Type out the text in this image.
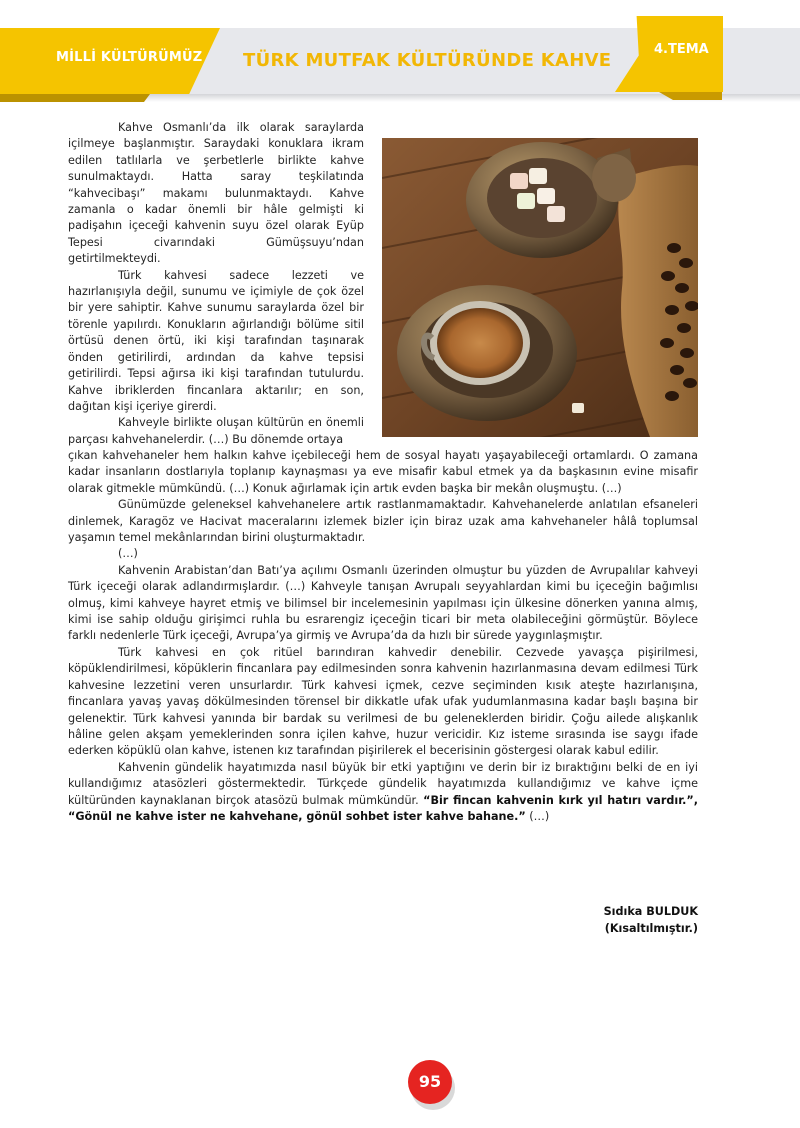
MİLLİ KÜLTÜRÜMÜZ TÜRK MUTFAK KÜLTÜRÜNDE KAHVE
4.TEMA

Kahve Osmanlı’da ilk olarak saraylarda içilmeye başlanmıştır. Saraydaki konuklara ikram edilen tatlılarla ve şerbetlerle birlikte kahve sunulmaktaydı. Hatta saray teşkilatında “kahvecibaşı” makamı bulunmaktaydı. Kahve zamanla o kadar önemli bir hâle gelmişti ki padişahın içeceği kahvenin suyu özel olarak Eyüp Tepesi civarındaki Gümüşsuyu’ndan getirtilmekteydi.

Türk kahvesi sadece lezzeti ve hazırlanışıyla değil, sunumu ve içimiyle de çok özel bir yere sahiptir. Kahve sunumu saraylarda özel bir törenle yapılırdı. Konukların ağırlandığı bölüme sitil örtüsü denen örtü, iki kişi tarafından taşınarak önden getirilirdi, ardından da kahve tepsisi getirilirdi. Tepsi ağırsa iki kişi tarafından tutulurdu. Kahve ibriklerden fincanlara aktarılır; en son, dağıtan kişi içeriye girerdi.

Kahveyle birlikte oluşan kültürün en önemli parçası kahvehanelerdir. (…) Bu dönemde ortaya

çıkan kahvehaneler hem halkın kahve içebileceği hem de sosyal hayatı yaşayabileceği ortamlardı. O zamana kadar insanların dostlarıyla toplanıp kaynaşması ya eve misafir kabul etmek ya da başkasının evine misafir olarak gitmekle mümkündü. (…) Konuk ağırlamak için artık evden başka bir mekân oluşmuştu. (…)

Günümüzde geleneksel kahvehanelere artık rastlanmamaktadır. Kahvehanelerde anlatılan efsaneleri dinlemek, Karagöz ve Hacivat maceralarını izlemek bizler için biraz uzak ama kahvehaneler hâlâ toplumsal yaşamın temel mekânlarından birini oluşturmaktadır.

(…)

Kahvenin Arabistan’dan Batı’ya açılımı Osmanlı üzerinden olmuştur bu yüzden de Avrupalılar kahveyi Türk içeceği olarak adlandırmışlardır. (…) Kahveyle tanışan Avrupalı seyyahlardan kimi bu içeceğin bağımlısı olmuş, kimi kahveye hayret etmiş ve bilimsel bir incelemesinin yapılması için ülkesine dönerken yanına almış, kimi ise sahip olduğu girişimci ruhla bu esrarengiz içeceğin ticari bir meta olabileceğini görmüştür. Böylece farklı nedenlerle Türk içeceği, Avrupa’ya girmiş ve Avrupa’da da hızlı bir sürede yaygınlaşmıştır.

Türk kahvesi en çok ritüel barındıran kahvedir denebilir. Cezvede yavaşça pişirilmesi, köpüklendirilmesi, köpüklerin fincanlara pay edilmesinden sonra kahvenin hazırlanmasına devam edilmesi Türk kahvesine lezzetini veren unsurlardır. Türk kahvesi içmek, cezve seçiminden kısık ateşte hazırlanışına, fincanlara yavaş yavaş dökülmesinden törensel bir dikkatle ufak ufak yudumlanmasına kadar başlı başına bir gelenektir. Türk kahvesi yanında bir bardak su verilmesi de bu geleneklerden biridir. Çoğu ailede alışkanlık hâline gelen akşam yemeklerinden sonra içilen kahve, huzur vericidir. Kız isteme sırasında ise saygı ifade ederken köpüklü olan kahve, istenen kız tarafından pişirilerek el becerisinin göstergesi olarak kabul edilir.

Kahvenin gündelik hayatımızda nasıl büyük bir etki yaptığını ve derin bir iz bıraktığını belki de en iyi kullandığımız atasözleri göstermektedir. Türkçede gündelik hayatımızda kullandığımız ve kahve içme kültüründen kaynaklanan birçok atasözü bulmak mümkündür. “Bir fincan kahvenin kırk yıl hatırı vardır.”, “Gönül ne kahve ister ne kahvehane, gönül sohbet ister kahve bahane.” (…)

Sıdıka BULDUK
(Kısaltılmıştır.)
95
